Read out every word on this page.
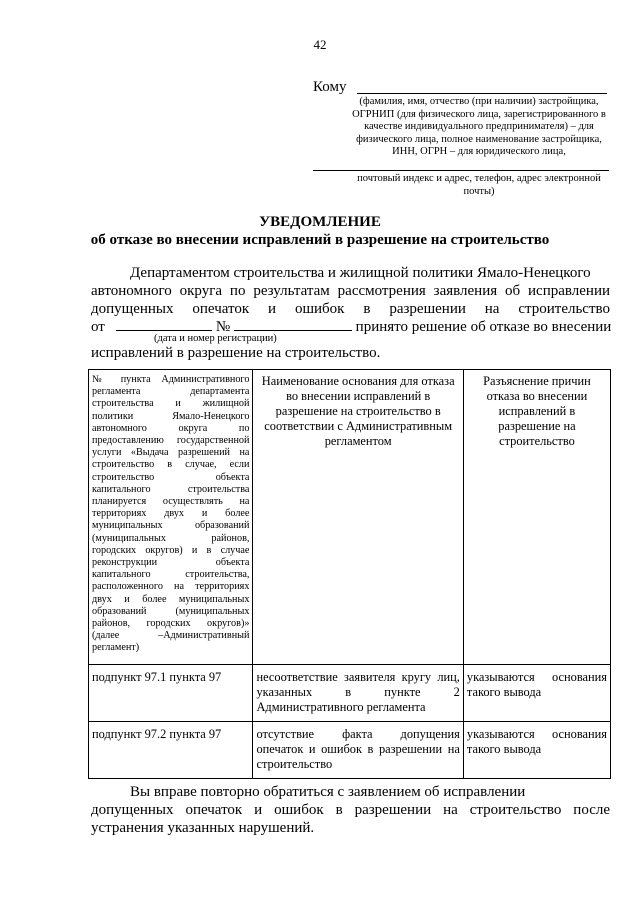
42
Кому
(фамилия, имя, отчество (при наличии) застройщика, ОГРНИП (для физического лица, зарегистрированного в качестве индивидуального предпринимателя) – для физического лица, полное наименование застройщика, ИНН, ОГРН – для юридического лица,
почтовый индекс и адрес, телефон, адрес электронной почты)
УВЕДОМЛЕНИЕ
об отказе во внесении исправлений в разрешение на строительство
Департаментом строительства и жилищной политики Ямало-Ненецкого
автономного округа по результатам рассмотрения заявления об исправлении
допущенных опечаток и ошибок в разрешении на строительство
от	№	принято решение об отказе во внесении
(дата и номер регистрации)
исправлений в разрешение на строительство.
№ пункта Административного регламента департамента строительства и жилищной политики Ямало-Ненецкого автономного округа по предоставлению государственной услуги «Выдача разрешений на строительство в случае, если строительство объекта капитального строительства планируется осуществлять на территориях двух и более муниципальных образований (муниципальных районов, городских округов) и в случае реконструкции объекта капитального строительства, расположенного на территориях двух и более муниципальных образований (муниципальных районов, городских округов)» (далее –Административный регламент)	Наименование основания для отказа во внесении исправлений в разрешение на строительство в соответствии с Административным регламентом	Разъяснение причин отказа во внесении исправлений в разрешение на строительство

подпункт 97.1 пункта 97	несоответствие заявителя кругу лиц, указанных в пункте 2 Административного регламента	указываются основания такого вывода

подпункт 97.2 пункта 97	отсутствие факта допущения опечаток и ошибок в разрешении на строительство	указываются основания такого вывода
Вы вправе повторно обратиться с заявлением об исправлении
допущенных опечаток и ошибок в разрешении на строительство после
устранения указанных нарушений.
